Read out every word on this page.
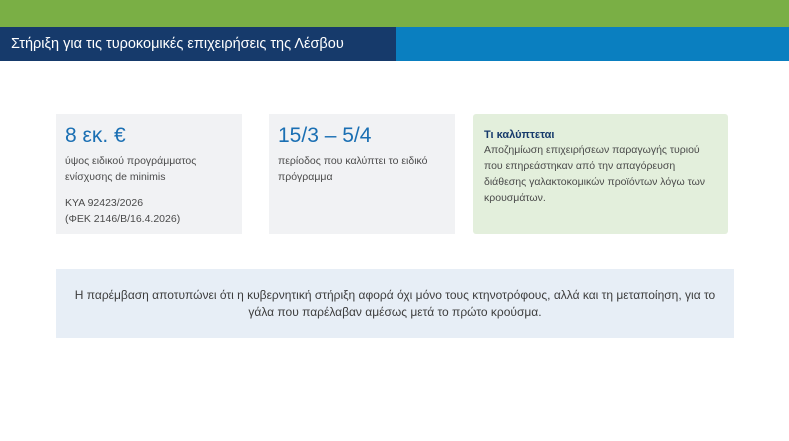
Στήριξη για τις τυροκομικές επιχειρήσεις της Λέσβου
8 εκ. €
ύψος ειδικού προγράμματος ενίσχυσης de minimis
ΚΥΑ 92423/2026
(ΦΕΚ 2146/Β/16.4.2026)
15/3 – 5/4
περίοδος που καλύπτει το ειδικό πρόγραμμα
Τι καλύπτεται
Αποζημίωση επιχειρήσεων παραγωγής τυριού που επηρεάστηκαν από την απαγόρευση διάθεσης γαλακτοκομικών προϊόντων λόγω των κρουσμάτων.
Η παρέμβαση αποτυπώνει ότι η κυβερνητική στήριξη αφορά όχι μόνο τους κτηνοτρόφους, αλλά και τη μεταποίηση, για το γάλα που παρέλαβαν αμέσως μετά το πρώτο κρούσμα.
